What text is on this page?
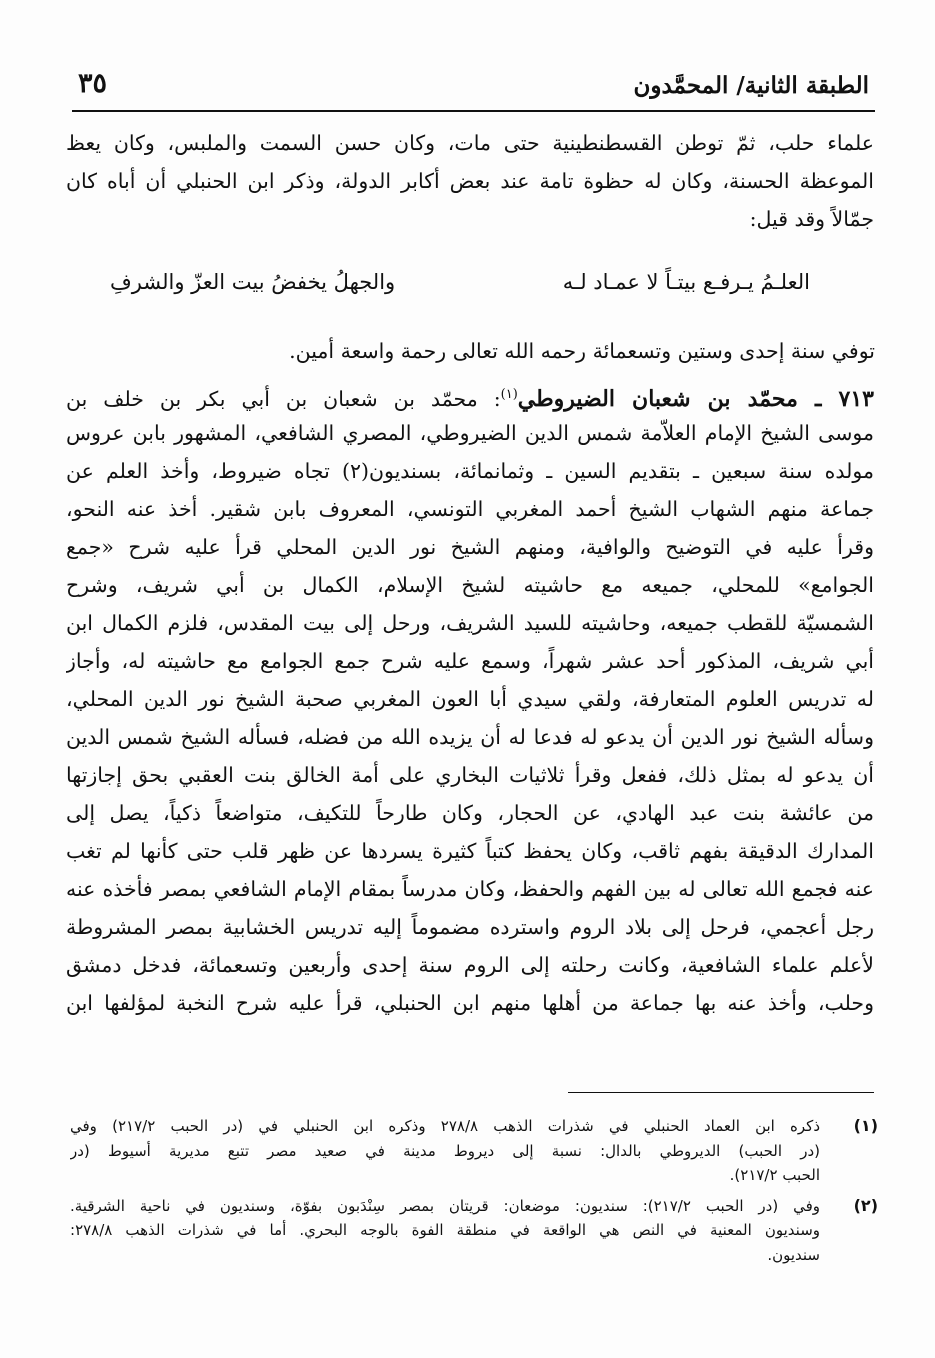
٣٥	الطبقة الثانية/ المحمَّدون
علماء حلب، ثمّ توطن القسطنطينية حتى مات، وكان حسن السمت والملبس، وكان يعظ
الموعظة الحسنة، وكان له حظوة تامة عند بعض أكابر الدولة، وذكر ابن الحنبلي أن أباه كان
جمّالاً وقد قيل:
العلـمُ يـرفـع بيتـاً لا عمـاد لـه
والجهلُ يخفضُ بيت العزّ والشرفِ
توفي سنة إحدى وستين وتسعمائة رحمه الله تعالى رحمة واسعة أمين.
٧١٣ ـ محمّد بن شعبان الضيروطي$^{(١)}$: محمّد بن شعبان بن أبي بكر بن خلف بن
موسى الشيخ الإمام العلاّمة شمس الدين الضيروطي، المصري الشافعي، المشهور بابن عروس
مولده سنة سبعين ـ بتقديم السين ـ وثمانمائة، بسنديون(٢) تجاه ضيروط، وأخذ العلم عن
جماعة منهم الشهاب الشيخ أحمد المغربي التونسي، المعروف بابن شقير. أخذ عنه النحو،
وقرأ عليه في التوضيح والوافية، ومنهم الشيخ نور الدين المحلي قرأ عليه شرح «جمع
الجوامع» للمحلي، جميعه مع حاشيته لشيخ الإسلام، الكمال بن أبي شريف، وشرح
الشمسيّة للقطب جميعه، وحاشيته للسيد الشريف، ورحل إلى بيت المقدس، فلزم الكمال ابن
أبي شريف، المذكور أحد عشر شهراً، وسمع عليه شرح جمع الجوامع مع حاشيته له، وأجاز
له تدريس العلوم المتعارفة، ولقي سيدي أبا العون المغربي صحبة الشيخ نور الدين المحلي،
وسأله الشيخ نور الدين أن يدعو له فدعا له أن يزيده الله من فضله، فسأله الشيخ شمس الدين
أن يدعو له بمثل ذلك، ففعل وقرأ ثلاثيات البخاري على أمة الخالق بنت العقبي بحق إجازتها
من عائشة بنت عبد الهادي، عن الحجار، وكان طارحاً للتكيف، متواضعاً ذكياً، يصل إلى
المدارك الدقيقة بفهم ثاقب، وكان يحفظ كتباً كثيرة يسردها عن ظهر قلب حتى كأنها لم تغب
عنه فجمع الله تعالى له بين الفهم والحفظ، وكان مدرساً بمقام الإمام الشافعي بمصر فأخذه عنه
رجل أعجمي، فرحل إلى بلاد الروم واسترده مضموماً إليه تدريس الخشابية بمصر المشروطة
لأعلم علماء الشافعية، وكانت رحلته إلى الروم سنة إحدى وأربعين وتسعمائة، فدخل دمشق
وحلب، وأخذ عنه بها جماعة من أهلها منهم ابن الحنبلي، قرأ عليه شرح النخبة لمؤلفها ابن
(١)
ذكره ابن العماد الحنبلي في شذرات الذهب ٢٧٨/٨ وذكره ابن الحنبلي في (در الحبب ٢١٧/٢) وفي
(در الحبب) الديروطي بالدال: نسبة إلى ديروط مدينة في صعيد مصر تتبع مديرية أسيوط (در
الحبب ٢١٧/٢).
(٢)
وفي (در الحبب ٢١٧/٢): سنديون: موضعان: قريتان بمصر سِنْدَبون بفوّة، وسنديون في ناحية الشرقية.
وسنديون المعنية في النص هي الواقعة في منطقة الفوة بالوجه البحري. أما في شذرات الذهب ٢٧٨/٨:
سنديون.
